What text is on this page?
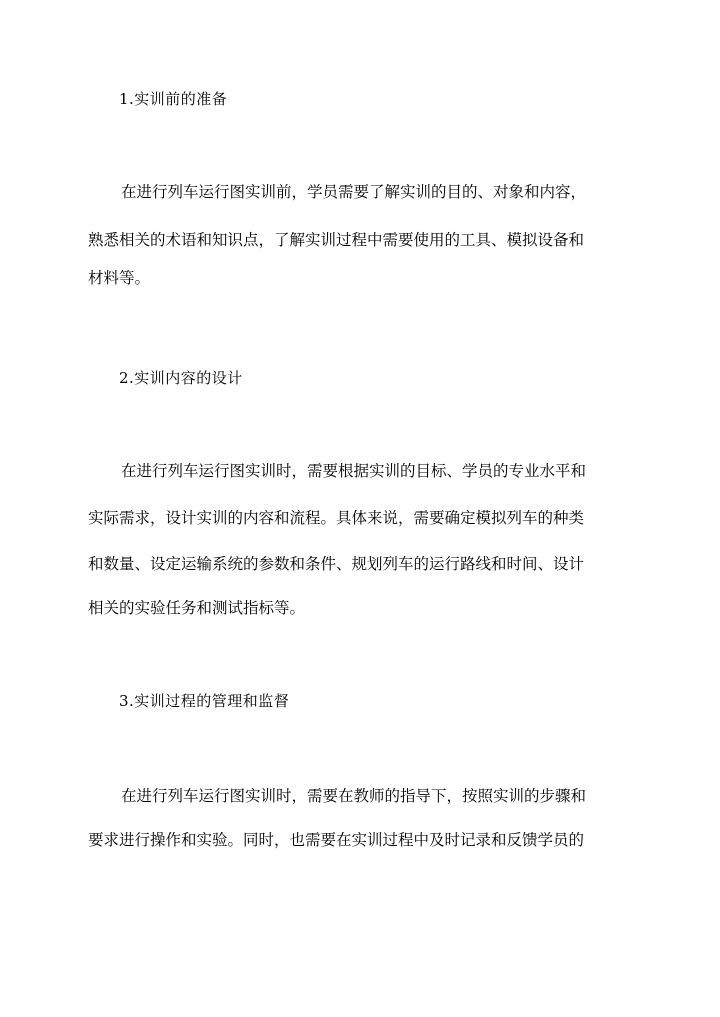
1.实训前的准备
在进行列车运行图实训前，学员需要了解实训的目的、对象和内容，
熟悉相关的术语和知识点，了解实训过程中需要使用的工具、模拟设备和
材料等。
2.实训内容的设计
在进行列车运行图实训时，需要根据实训的目标、学员的专业水平和
实际需求，设计实训的内容和流程。具体来说，需要确定模拟列车的种类
和数量、设定运输系统的参数和条件、规划列车的运行路线和时间、设计
相关的实验任务和测试指标等。
3.实训过程的管理和监督
在进行列车运行图实训时，需要在教师的指导下，按照实训的步骤和
要求进行操作和实验。同时，也需要在实训过程中及时记录和反馈学员的
